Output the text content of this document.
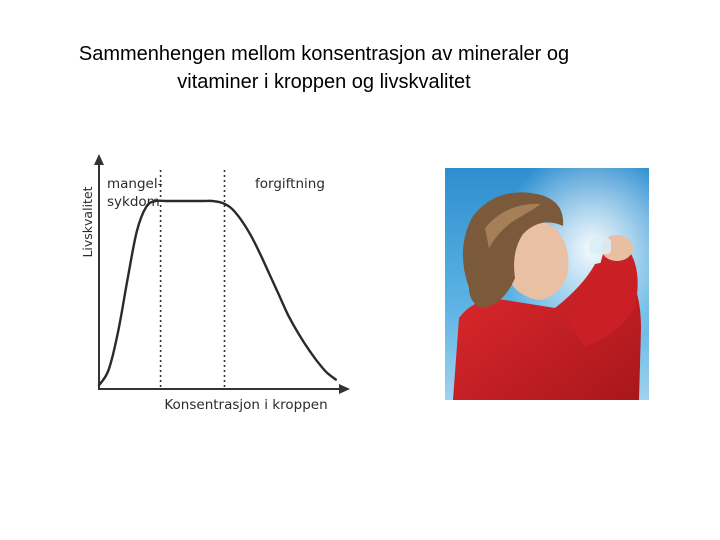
Sammenhengen mellom konsentrasjon av mineraler og
vitaminer i kroppen og livskvalitet
Livskvalitet
Konsentrasjon i kroppen
mangel- sykdom
forgiftning
